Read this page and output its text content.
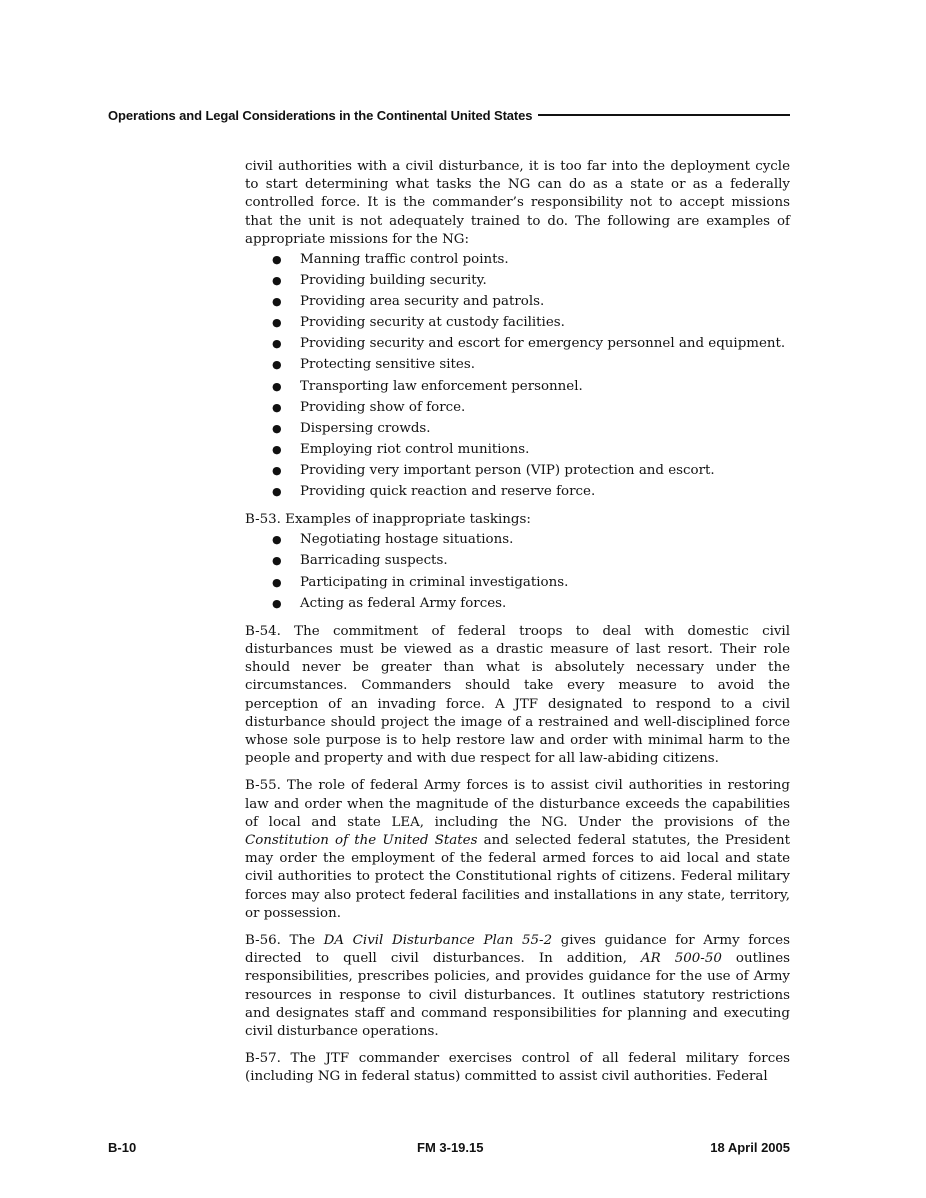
Operations and Legal Considerations in the Continental United States

civil authorities with a civil disturbance, it is too far into the deployment cycle to start determining what tasks the NG can do as a state or as a federally controlled force. It is the commander’s responsibility not to accept missions that the unit is not adequately trained to do. The following are examples of appropriate missions for the NG:

● Manning traffic control points.
● Providing building security.
● Providing area security and patrols.
● Providing security at custody facilities.
● Providing security and escort for emergency personnel and equipment.
● Protecting sensitive sites.
● Transporting law enforcement personnel.
● Providing show of force.
● Dispersing crowds.
● Employing riot control munitions.
● Providing very important person (VIP) protection and escort.
● Providing quick reaction and reserve force.

B-53. Examples of inappropriate taskings:

● Negotiating hostage situations.
● Barricading suspects.
● Participating in criminal investigations.
● Acting as federal Army forces.

B-54. The commitment of federal troops to deal with domestic civil disturbances must be viewed as a drastic measure of last resort. Their role should never be greater than what is absolutely necessary under the circumstances. Commanders should take every measure to avoid the perception of an invading force. A JTF designated to respond to a civil disturbance should project the image of a restrained and well-disciplined force whose sole purpose is to help restore law and order with minimal harm to the people and property and with due respect for all law-abiding citizens.

B-55. The role of federal Army forces is to assist civil authorities in restoring law and order when the magnitude of the disturbance exceeds the capabilities of local and state LEA, including the NG. Under the provisions of the Constitution of the United States and selected federal statutes, the President may order the employment of the federal armed forces to aid local and state civil authorities to protect the Constitutional rights of citizens. Federal military forces may also protect federal facilities and installations in any state, territory, or possession.

B-56. The DA Civil Disturbance Plan 55-2 gives guidance for Army forces directed to quell civil disturbances. In addition, AR 500-50 outlines responsibilities, prescribes policies, and provides guidance for the use of Army resources in response to civil disturbances. It outlines statutory restrictions and designates staff and command responsibilities for planning and executing civil disturbance operations.

B-57. The JTF commander exercises control of all federal military forces (including NG in federal status) committed to assist civil authorities. Federal

B-10	FM 3-19.15	18 April 2005
